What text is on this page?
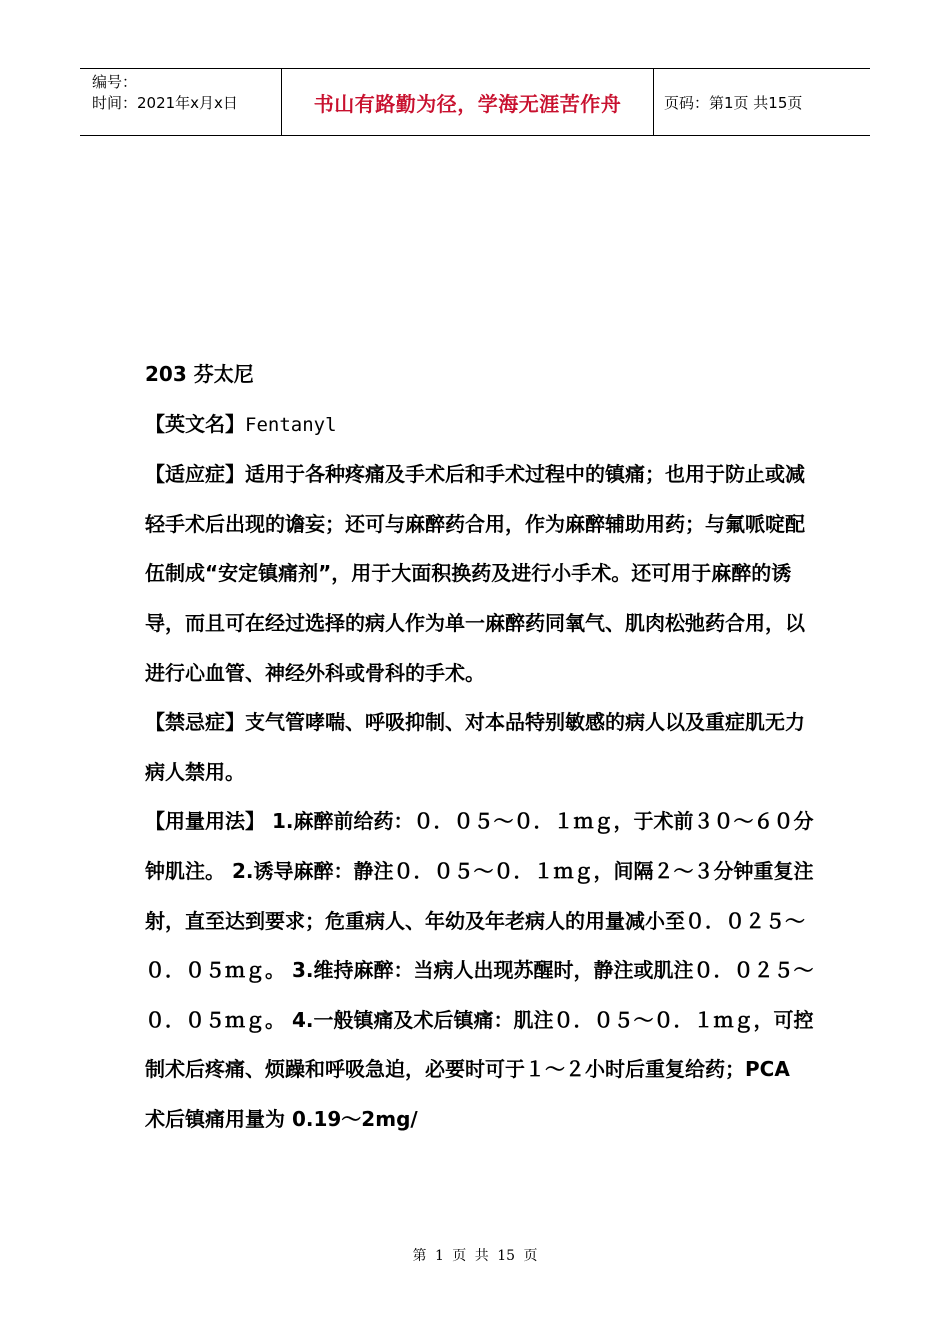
编号：
时间：2021年x月x日	书山有路勤为径，学海无涯苦作舟	页码：第1页 共15页

203 芬太尼

【英文名】Fentanyl

【适应症】适用于各种疼痛及手术后和手术过程中的镇痛；也用于防止或减轻手术后出现的谵妄；还可与麻醉药合用，作为麻醉辅助用药；与氟哌啶配伍制成“安定镇痛剂”，用于大面积换药及进行小手术。还可用于麻醉的诱导，而且可在经过选择的病人作为单一麻醉药同氧气、肌肉松弛药合用，以进行心血管、神经外科或骨科的手术。

【禁忌症】支气管哮喘、呼吸抑制、对本品特别敏感的病人以及重症肌无力病人禁用。

【用量用法】 1.麻醉前给药：０．０５～０．１ｍｇ，于术前３０～６０分钟肌注。 2.诱导麻醉：静注０．０５～０．１ｍｇ，间隔２～３分钟重复注射，直至达到要求；危重病人、年幼及年老病人的用量减小至０．０２５～０．０５ｍｇ。 3.维持麻醉：当病人出现苏醒时，静注或肌注０．０２５～０．０５ｍｇ。 4.一般镇痛及术后镇痛：肌注０．０５～０．１ｍｇ，可控制术后疼痛、烦躁和呼吸急迫，必要时可于１～２小时后重复给药；PCA 术后镇痛用量为 0.19～2mg/

第 1 页 共 15 页
